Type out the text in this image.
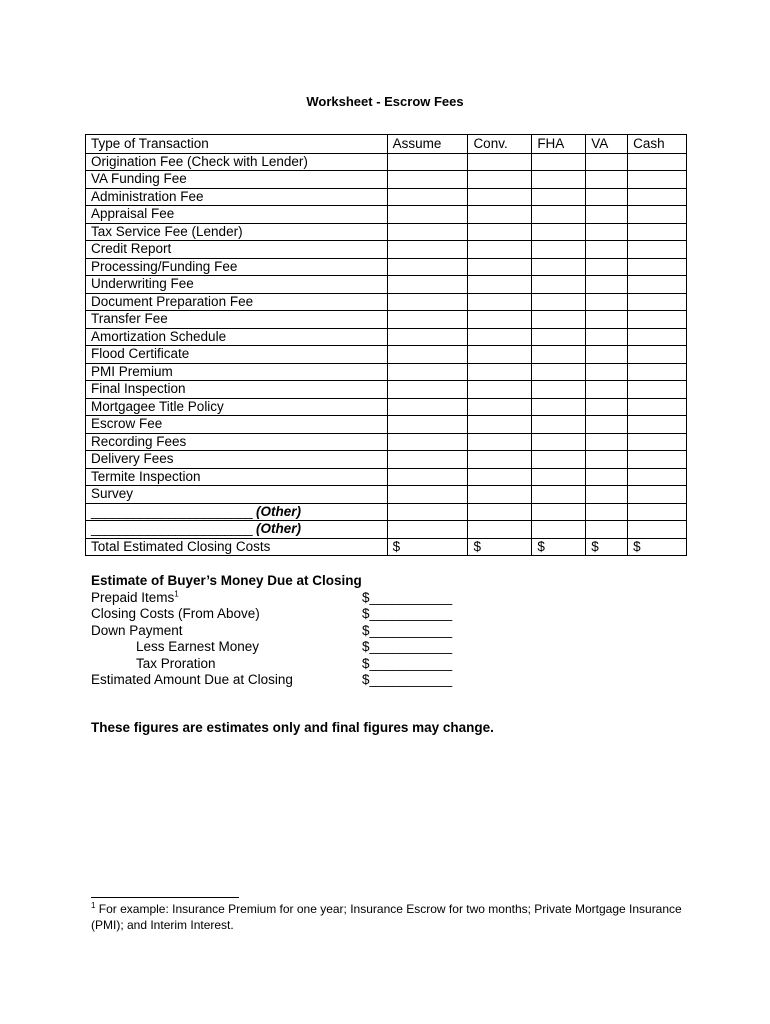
Worksheet - Escrow Fees
Type of Transaction	Assume	Conv.	FHA	VA	Cash
Origination Fee (Check with Lender)					
VA Funding Fee					
Administration Fee					
Appraisal Fee					
Tax Service Fee (Lender)					
Credit Report					
Processing/Funding Fee					
Underwriting Fee					
Document Preparation Fee					
Transfer Fee					
Amortization Schedule					
Flood Certificate					
PMI Premium					
Final Inspection					
Mortgagee Title Policy					
Escrow Fee					
Recording Fees					
Delivery Fees					
Termite Inspection					
Survey					
_______________________ (Other)					
_______________________ (Other)					
Total Estimated Closing Costs	$	$	$	$	$
Estimate of Buyer’s Money Due at Closing
Prepaid Items$^1$	$___________
Closing Costs (From Above)	$___________
Down Payment	$___________
Less Earnest Money	$___________
Tax Proration	$___________
Estimated Amount Due at Closing	$___________
These figures are estimates only and final figures may change.
$^1$ For example: Insurance Premium for one year; Insurance Escrow for two months; Private Mortgage Insurance (PMI); and Interim Interest.
